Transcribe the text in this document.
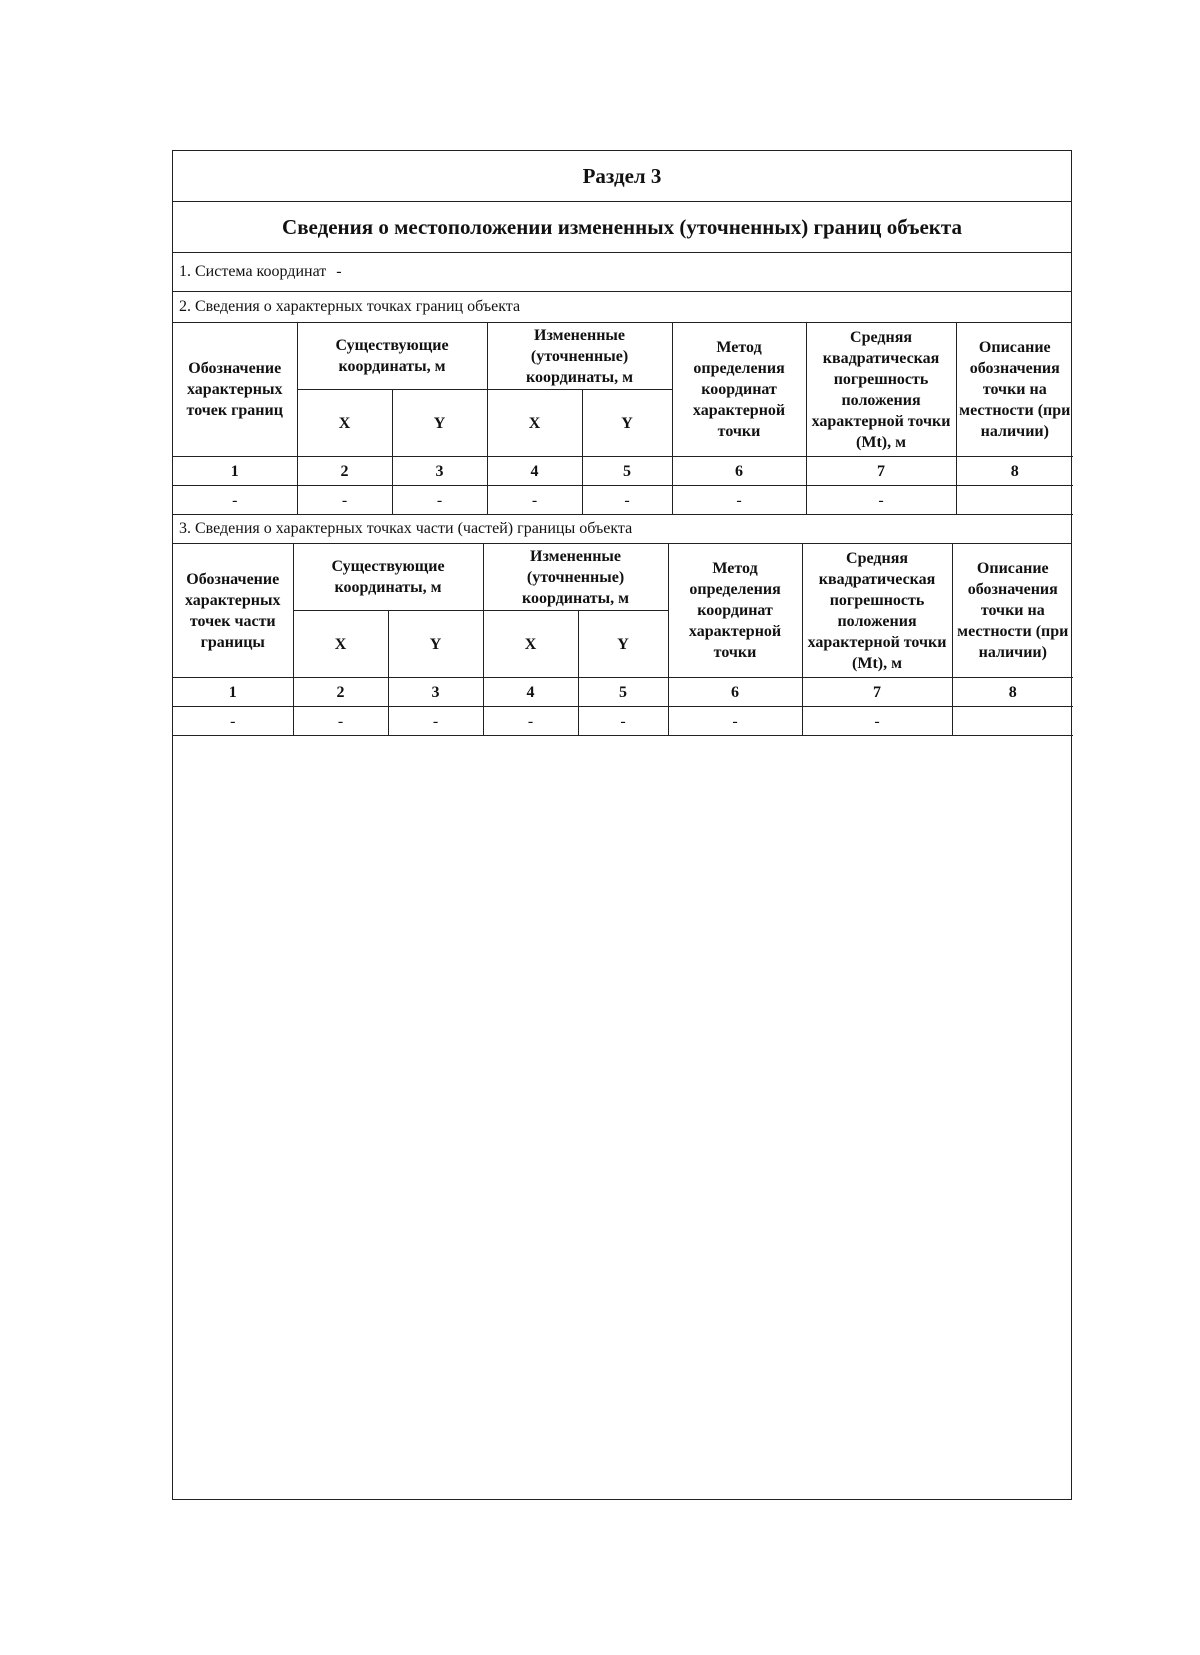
Раздел 3
Сведения о местоположении измененных (уточненных) границ объекта
1. Система координат -
2. Сведения о характерных точках границ объекта
Обозначение характерных точек границ	Существующие координаты, м		Измененные (уточненные) координаты, м		Метод определения координат характерной точки	Средняя квадратическая погрешность положения характерной точки (Mt), м	Описание обозначения точки на местности (при наличии)
	X	Y	X	Y			
1	2	3	4	5	6	7	8
-	-	-	-	-	-	-	
3. Сведения о характерных точках части (частей) границы объекта
Обозначение характерных точек части границы	Существующие координаты, м		Измененные (уточненные) координаты, м		Метод определения координат характерной точки	Средняя квадратическая погрешность положения характерной точки (Mt), м	Описание обозначения точки на местности (при наличии)
	X	Y	X	Y			
1	2	3	4	5	6	7	8
-	-	-	-	-	-	-	
